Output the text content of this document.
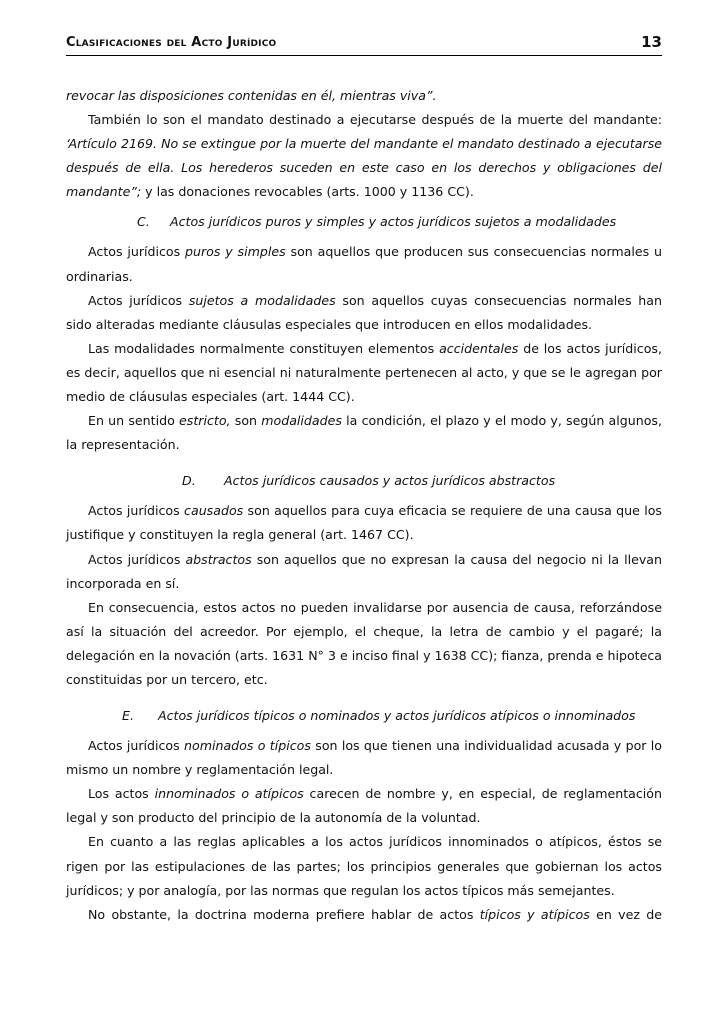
Clasificaciones del Acto Jurídico	13

revocar las disposiciones contenidas en él, mientras viva”.

También lo son el mandato destinado a ejecutarse después de la muerte del mandante: ‘Artículo 2169. No se extingue por la muerte del mandante el mandato destinado a ejecutarse después de ella. Los herederos suceden en este caso en los derechos y obligaciones del mandante”; y las donaciones revocables (arts. 1000 y 1136 CC).

C. Actos jurídicos puros y simples y actos jurídicos sujetos a modalidades

Actos jurídicos puros y simples son aquellos que producen sus consecuencias normales u ordinarias.

Actos jurídicos sujetos a modalidades son aquellos cuyas consecuencias normales han sido alteradas mediante cláusulas especiales que introducen en ellos modalidades.

Las modalidades normalmente constituyen elementos accidentales de los actos jurídicos, es decir, aquellos que ni esencial ni naturalmente pertenecen al acto, y que se le agregan por medio de cláusulas especiales (art. 1444 CC).

En un sentido estricto, son modalidades la condición, el plazo y el modo y, según algunos, la representación.

D. Actos jurídicos causados y actos jurídicos abstractos

Actos jurídicos causados son aquellos para cuya eficacia se requiere de una causa que los justifique y constituyen la regla general (art. 1467 CC).

Actos jurídicos abstractos son aquellos que no expresan la causa del negocio ni la llevan incorporada en sí.

En consecuencia, estos actos no pueden invalidarse por ausencia de causa, reforzándose así la situación del acreedor. Por ejemplo, el cheque, la letra de cambio y el pagaré; la delegación en la novación (arts. 1631 N° 3 e inciso final y 1638 CC); fianza, prenda e hipoteca constituidas por un tercero, etc.

E. Actos jurídicos típicos o nominados y actos jurídicos atípicos o innominados

Actos jurídicos nominados o típicos son los que tienen una individualidad acusada y por lo mismo un nombre y reglamentación legal.

Los actos innominados o atípicos carecen de nombre y, en especial, de reglamentación legal y son producto del principio de la autonomía de la voluntad.

En cuanto a las reglas aplicables a los actos jurídicos innominados o atípicos, éstos se rigen por las estipulaciones de las partes; los principios generales que gobiernan los actos jurídicos; y por analogía, por las normas que regulan los actos típicos más semejantes.

No obstante, la doctrina moderna prefiere hablar de actos típicos y atípicos en vez de
